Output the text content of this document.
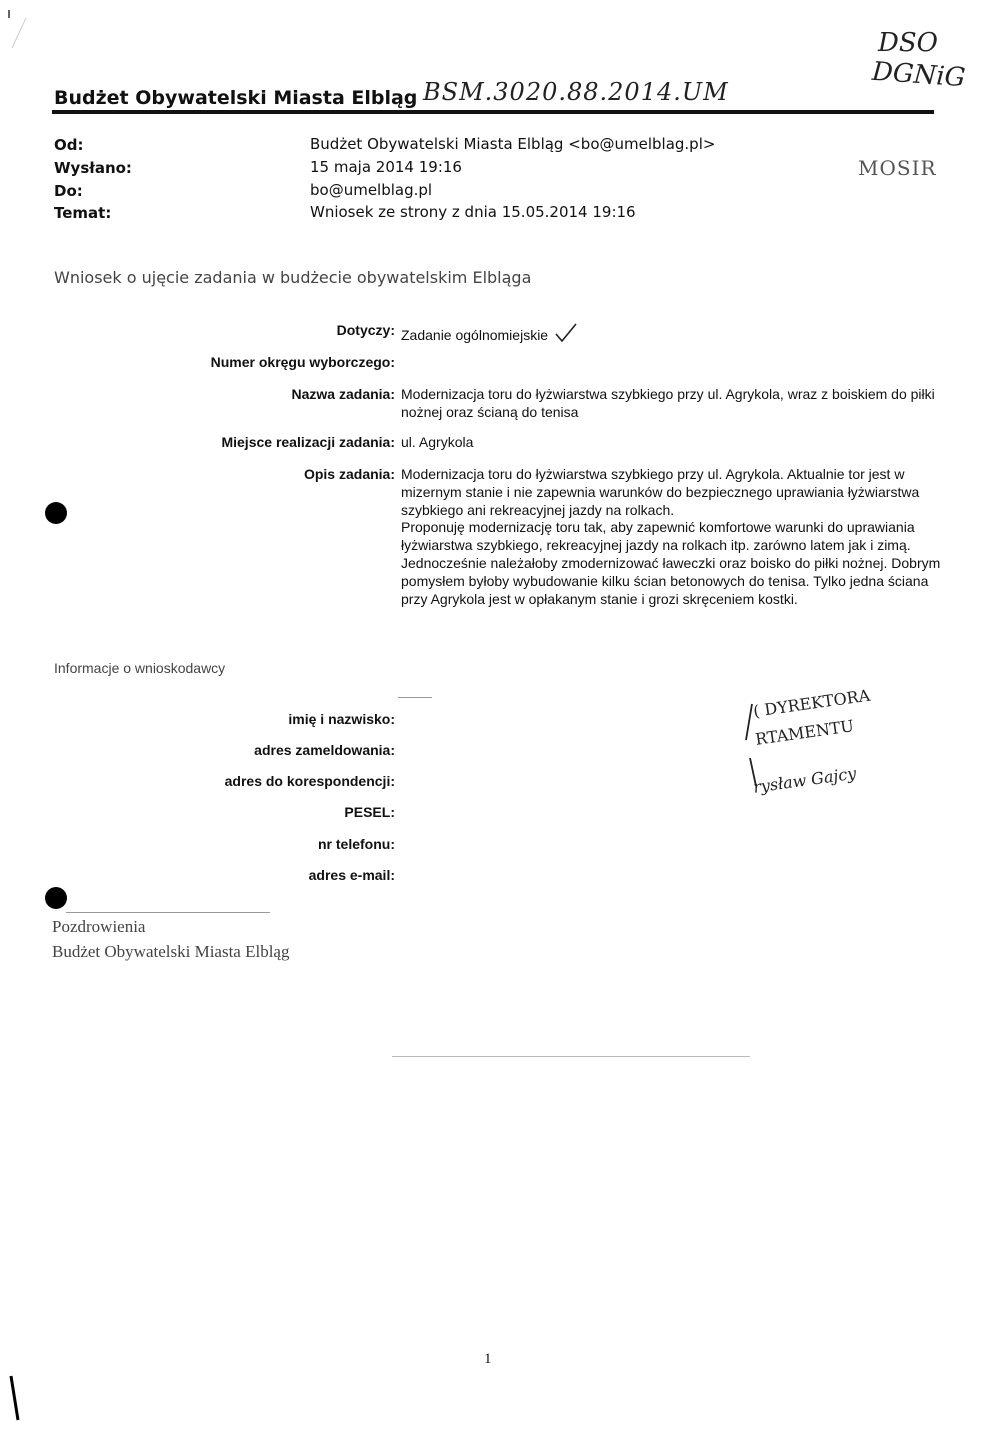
Budżet Obywatelski Miasta Elbląg BSM.3020.88.2014.UM
DSO
DGNiG
MOSIR
Od:	Budżet Obywatelski Miasta Elbląg <bo@umelblag.pl>
Wysłano:	15 maja 2014 19:16
Do:	bo@umelblag.pl
Temat:	Wniosek ze strony z dnia 15.05.2014 19:16
Wniosek o ujęcie zadania w budżecie obywatelskim Elbląga
Dotyczy: Zadanie ogólnomiejskie
Numer okręgu wyborczego:
Nazwa zadania: Modernizacja toru do łyżwiarstwa szybkiego przy ul. Agrykola, wraz z boiskiem do piłki nożnej oraz ścianą do tenisa
Miejsce realizacji zadania: ul. Agrykola
Opis zadania: Modernizacja toru do łyżwiarstwa szybkiego przy ul. Agrykola. Aktualnie tor jest w mizernym stanie i nie zapewnia warunków do bezpiecznego uprawiania łyżwiarstwa szybkiego ani rekreacyjnej jazdy na rolkach.
Proponuję modernizację toru tak, aby zapewnić komfortowe warunki do uprawiania łyżwiarstwa szybkiego, rekreacyjnej jazdy na rolkach itp. zarówno latem jak i zimą. Jednocześnie należałoby zmodernizować ławeczki oraz boisko do piłki nożnej. Dobrym pomysłem byłoby wybudowanie kilku ścian betonowych do tenisa. Tylko jedna ściana przy Agrykola jest w opłakanym stanie i grozi skręceniem kostki.
Informacje o wnioskodawcy
imię i nazwisko:
adres zameldowania:
adres do korespondencji:
PESEL:
nr telefonu:
adres e-mail:
( DYREKTORA
RTAMENTU
rysław Gajcy
Pozdrowienia
Budżet Obywatelski Miasta Elbląg
1
